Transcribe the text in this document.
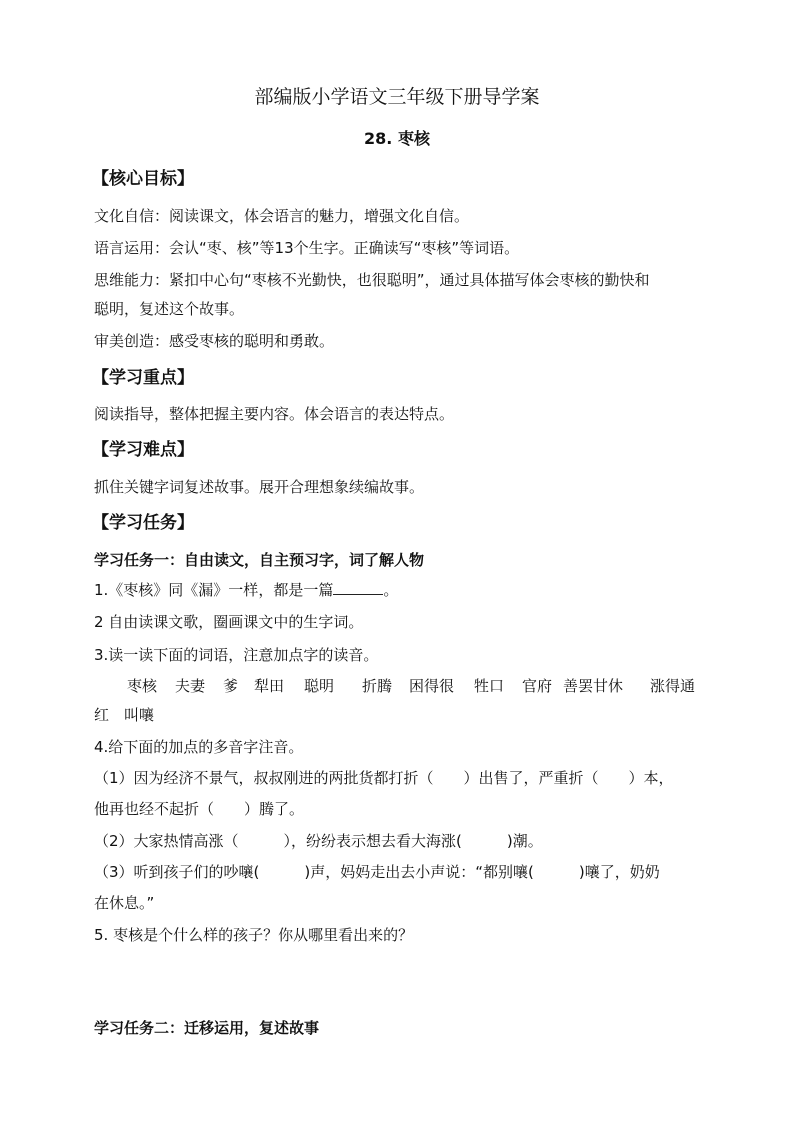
部编版小学语文三年级下册导学案
28. 枣核
【核心目标】
文化自信：阅读课文，体会语言的魅力，增强文化自信。
语言运用：会认“枣、核”等13个生字。正确读写“枣核”等词语。
思维能力：紧扣中心句“枣核不光勤快，也很聪明”，通过具体描写体会枣核的勤快和
聪明，复述这个故事。
审美创造：感受枣核的聪明和勇敢。
【学习重点】
阅读指导，整体把握主要内容。体会语言的表达特点。
【学习难点】
抓住关键字词复述故事。展开合理想象续编故事。
【学习任务】
学习任务一：自由读文，自主预习字，词了解人物
1.《枣核》同《漏》一样，都是一篇	。
2 自由读课文歌，圈画课文中的生字词。
3.读一读下面的词语，注意加点字的读音。
枣核 夫妻 爹 犁田 聪明 折腾 困得很 牲口 官府 善罢甘休 涨得通
红　叫嚷
4.给下面的加点的多音字注音。
（1）因为经济不景气，叔叔刚进的两批货都打折（　　）出售了，严重折（　　）本，
他再也经不起折（　　）腾了。
（2）大家热情高涨（　　　），纷纷表示想去看大海涨(　　　)潮。
（3）听到孩子们的吵嚷(　　　)声，妈妈走出去小声说：“都别嚷(　　　)嚷了，奶奶
在休息。”
5. 枣核是个什么样的孩子？你从哪里看出来的？
学习任务二：迁移运用，复述故事
